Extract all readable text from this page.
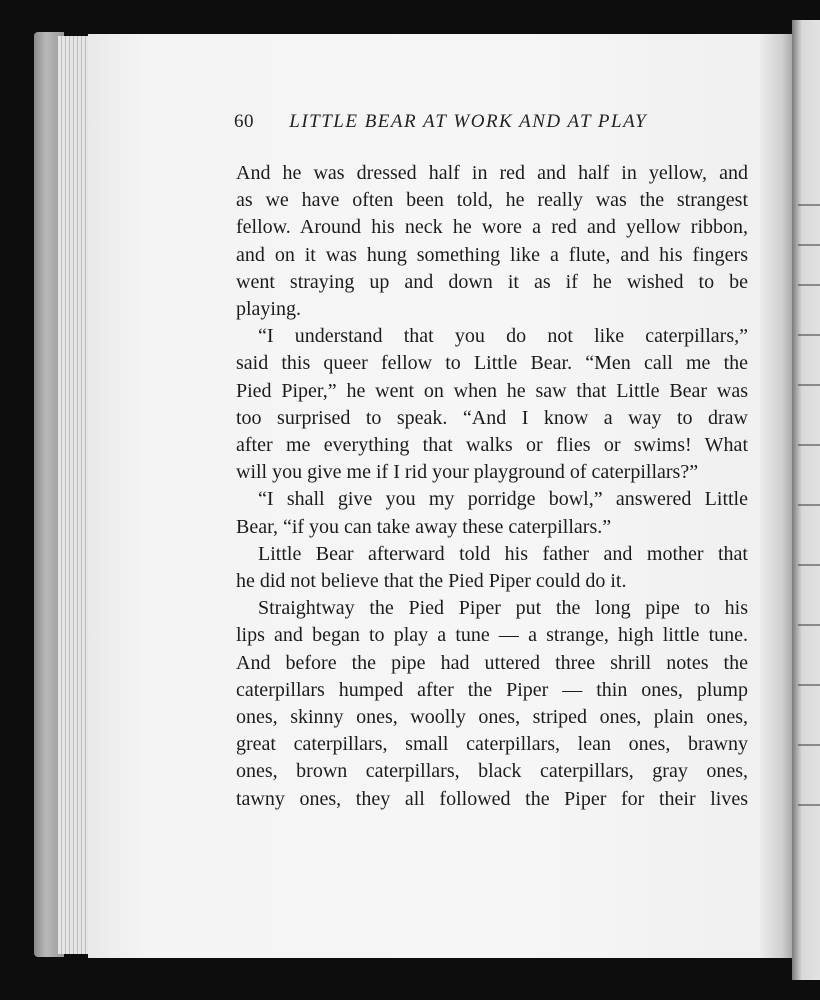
60 LITTLE BEAR AT WORK AND AT PLAY
And he was dressed half in red and half in yellow, and
as we have often been told, he really was the strangest
fellow. Around his neck he wore a red and yellow ribbon,
and on it was hung something like a flute, and his fingers
went straying up and down it as if he wished to be
playing.
“I understand that you do not like caterpillars,”
said this queer fellow to Little Bear. “Men call me the
Pied Piper,” he went on when he saw that Little Bear was
too surprised to speak. “And I know a way to draw
after me everything that walks or flies or swims! What
will you give me if I rid your playground of caterpillars?”
“I shall give you my porridge bowl,” answered Little
Bear, “if you can take away these caterpillars.”
Little Bear afterward told his father and mother that
he did not believe that the Pied Piper could do it.
Straightway the Pied Piper put the long pipe to his
lips and began to play a tune — a strange, high little tune.
And before the pipe had uttered three shrill notes the
caterpillars humped after the Piper — thin ones, plump
ones, skinny ones, woolly ones, striped ones, plain ones,
great caterpillars, small caterpillars, lean ones, brawny
ones, brown caterpillars, black caterpillars, gray ones,
tawny ones, they all followed the Piper for their lives
